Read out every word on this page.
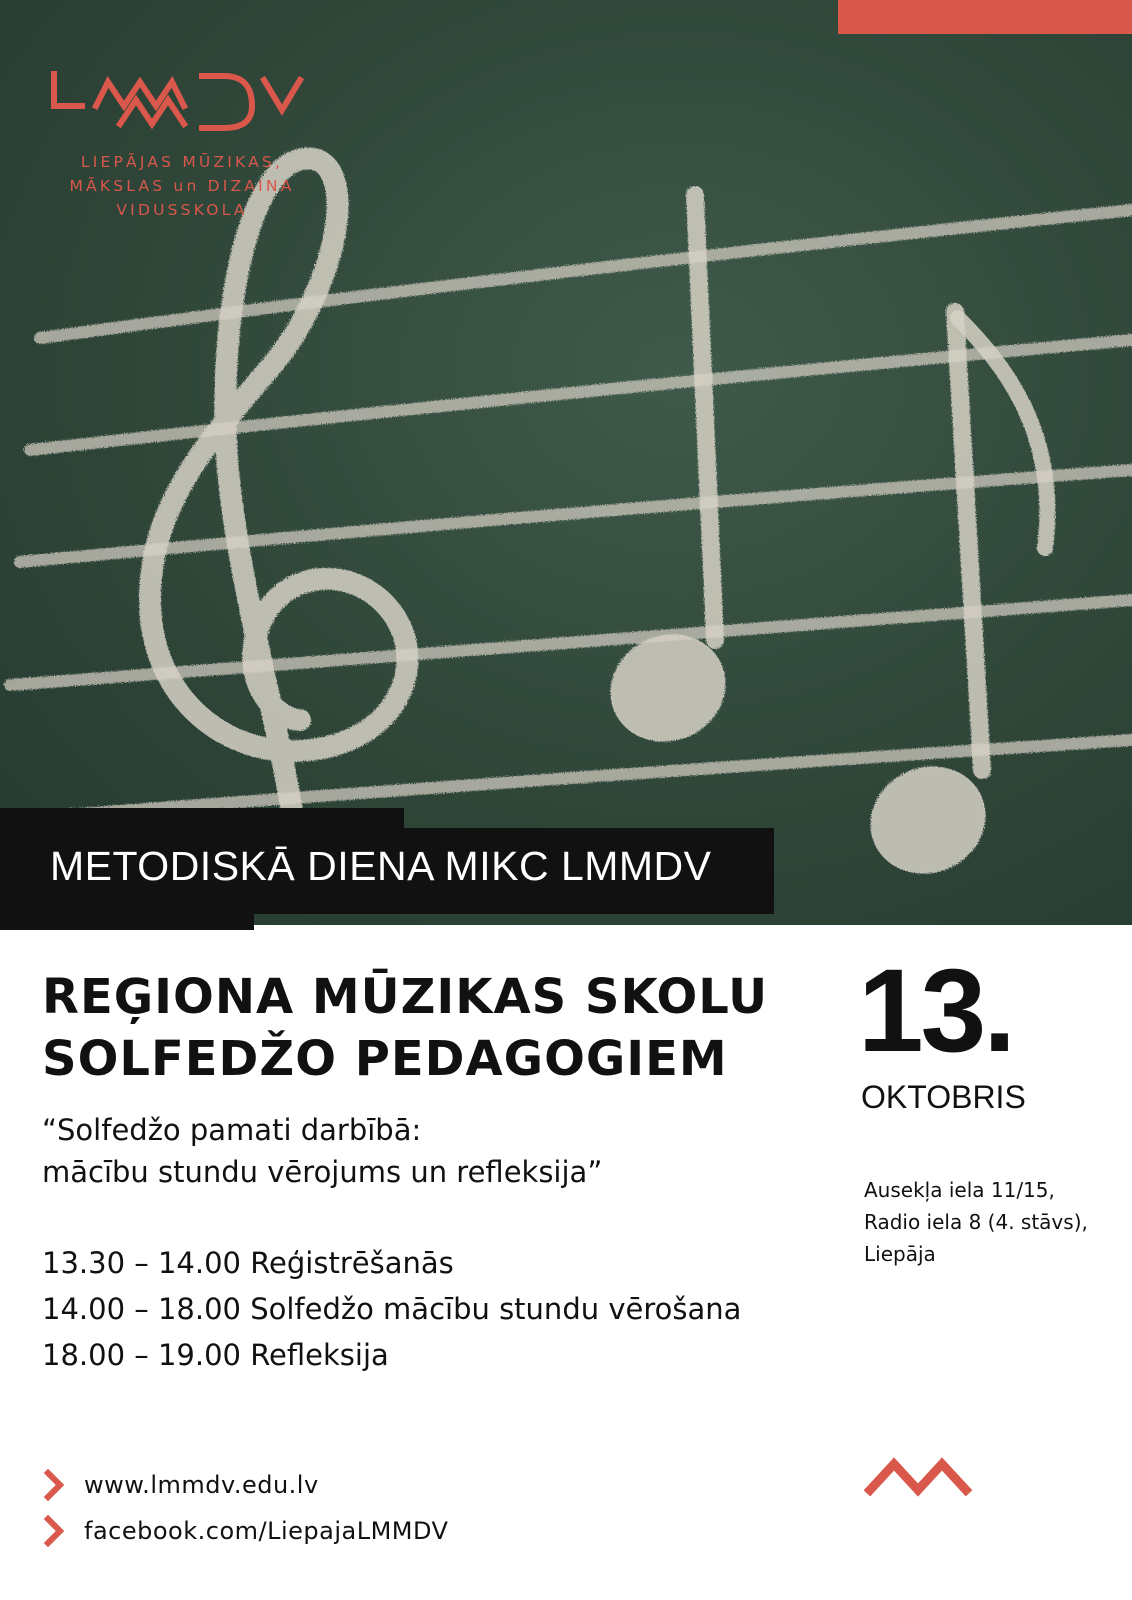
LIEPĀJAS MŪZIKAS,
MĀKSLAS un DIZAINA
VIDUSSKOLA
METODISKĀ DIENA MIKC LMMDV
REĢIONA MŪZIKAS SKOLU
SOLFEDŽO PEDAGOGIEM
“Solfedžo pamati darbībā:
mācību stundu vērojums un refleksija”
13.30 – 14.00 Reģistrēšanās
14.00 – 18.00 Solfedžo mācību stundu vērošana
18.00 – 19.00 Refleksija
13.
OKTOBRIS
Ausekļa iela 11/15,
Radio iela 8 (4. stāvs),
Liepāja
www.lmmdv.edu.lv
facebook.com/LiepajaLMMDV
